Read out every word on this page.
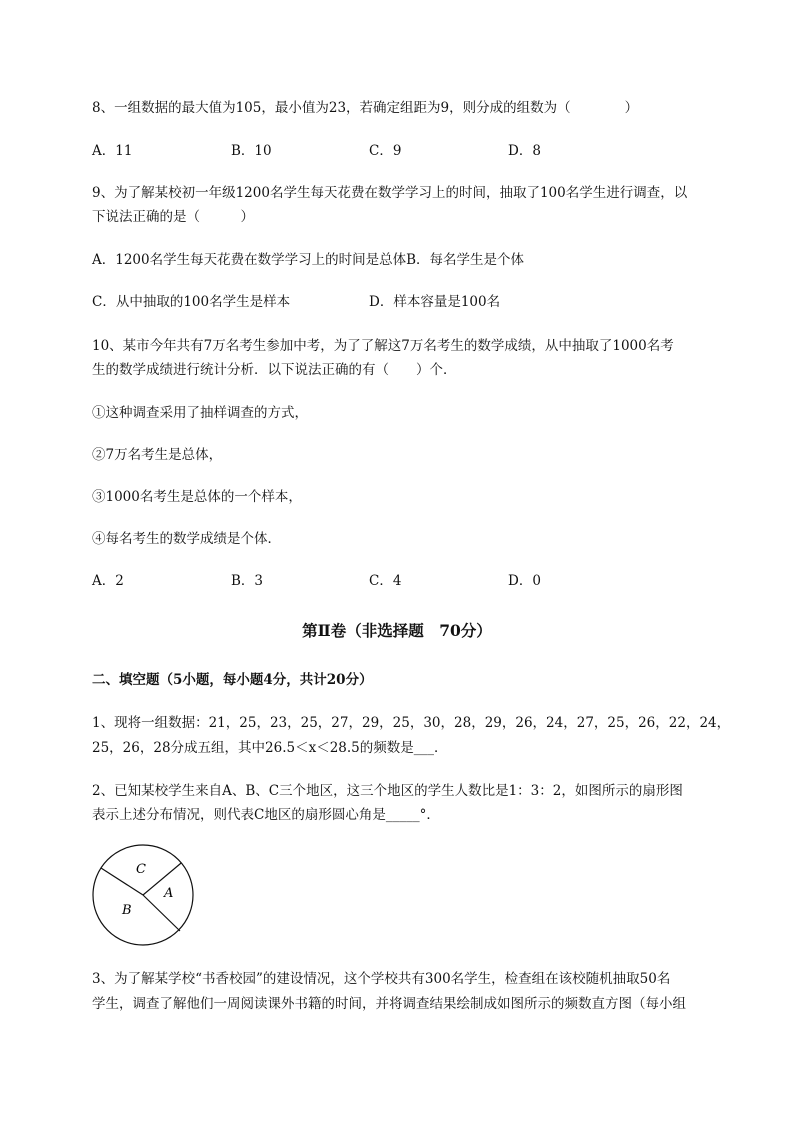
8、一组数据的最大值为105，最小值为23，若确定组距为9，则分成的组数为（　　　　）
A．11	B．10	C．9	D．8
9、为了解某校初一年级1200名学生每天花费在数学学习上的时间，抽取了100名学生进行调查，以
下说法正确的是（　　　）
A．1200名学生每天花费在数学学习上的时间是总体B．每名学生是个体
C．从中抽取的100名学生是样本	D．样本容量是100名
10、某市今年共有7万名考生参加中考，为了了解这7万名考生的数学成绩，从中抽取了1000名考
生的数学成绩进行统计分析．以下说法正确的有（　　）个．
①这种调查采用了抽样调查的方式，
②7万名考生是总体，
③1000名考生是总体的一个样本，
④每名考生的数学成绩是个体．
A．2	B．3	C．4	D．0
第Ⅱ卷（非选择题　70分）
二、填空题（5小题，每小题4分，共计20分）
1、现将一组数据：21，25，23，25，27，29，25，30，28，29，26，24，27，25，26，22，24，
25，26，28分成五组，其中26.5＜x＜28.5的频数是___．
2、已知某校学生来自A、B、C三个地区，这三个地区的学生人数比是1：3：2，如图所示的扇形图
表示上述分布情况，则代表C地区的扇形圆心角是_____°．
C
A
B
3、为了解某学校“书香校园”的建设情况，这个学校共有300名学生，检查组在该校随机抽取50名
学生，调查了解他们一周阅读课外书籍的时间，并将调查结果绘制成如图所示的频数直方图（每小组
